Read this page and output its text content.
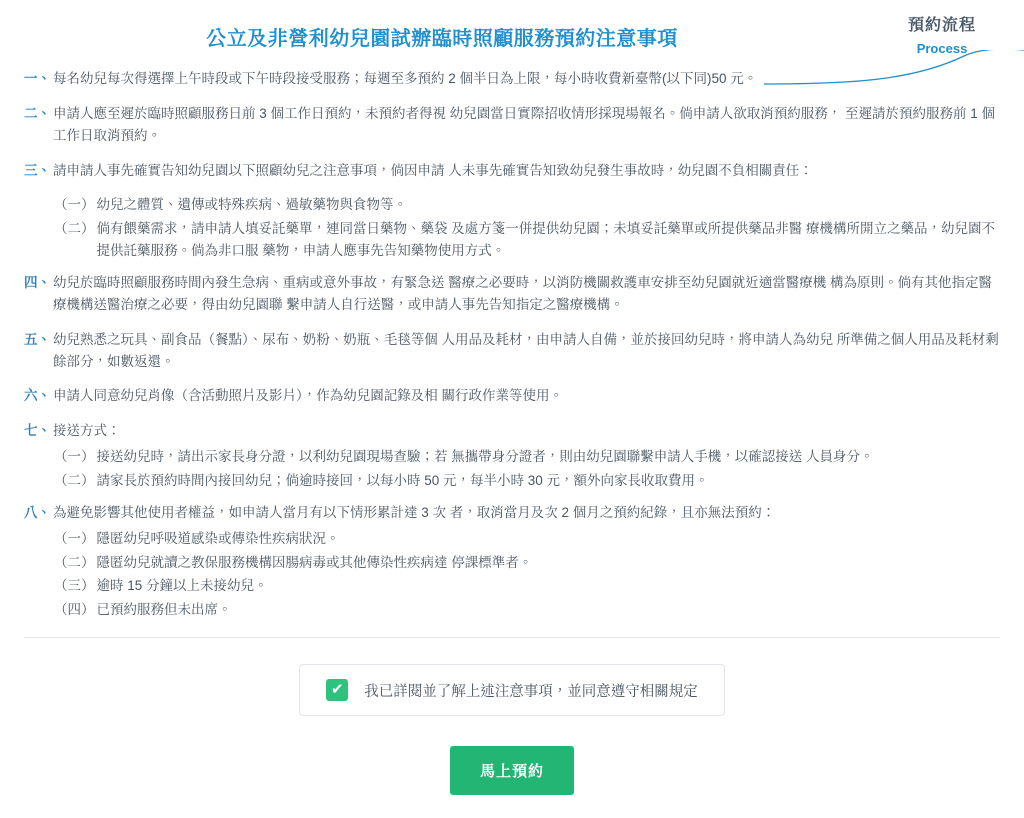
公立及非營利幼兒園試辦臨時照顧服務預約注意事項
預約流程
Process
一、 每名幼兒每次得選擇上午時段或下午時段接受服務；每週至多預約 2 個半日為上限，每小時收費新臺幣(以下同)50 元。
二、 申請人應至遲於臨時照顧服務日前 3 個工作日預約，未預約者得視 幼兒園當日實際招收情形採現場報名。倘申請人欲取消預約服務， 至遲請於預約服務前 1 個工作日取消預約。
三、 請申請人事先確實告知幼兒園以下照顧幼兒之注意事項，倘因申請 人未事先確實告知致幼兒發生事故時，幼兒園不負相關責任：
（一） 幼兒之體質、遺傳或特殊疾病、過敏藥物與食物等。
（二） 倘有餵藥需求，請申請人填妥託藥單，連同當日藥物、藥袋 及處方箋一併提供幼兒園；未填妥託藥單或所提供藥品非醫 療機構所開立之藥品，幼兒園不提供託藥服務。倘為非口服 藥物，申請人應事先告知藥物使用方式。
四、 幼兒於臨時照顧服務時間內發生急病、重病或意外事故，有緊急送 醫療之必要時，以消防機關救護車安排至幼兒園就近適當醫療機 構為原則。倘有其他指定醫療機構送醫治療之必要，得由幼兒園聯 繫申請人自行送醫，或申請人事先告知指定之醫療機構。
五、 幼兒熟悉之玩具、副食品（餐點）、尿布、奶粉、奶瓶、毛毯等個 人用品及耗材，由申請人自備，並於接回幼兒時，將申請人為幼兒 所準備之個人用品及耗材剩餘部分，如數返還。
六、 申請人同意幼兒肖像（含活動照片及影片），作為幼兒園記錄及相 關行政作業等使用。
七、 接送方式：
（一） 接送幼兒時，請出示家長身分證，以利幼兒園現場查驗；若 無攜帶身分證者，則由幼兒園聯繫申請人手機，以確認接送 人員身分。
（二） 請家長於預約時間內接回幼兒；倘逾時接回，以每小時 50 元，每半小時 30 元，額外向家長收取費用。
八、 為避免影響其他使用者權益，如申請人當月有以下情形累計達 3 次 者，取消當月及次 2 個月之預約紀錄，且亦無法預約：
（一） 隱匿幼兒呼吸道感染或傳染性疾病狀況。
（二） 隱匿幼兒就讀之教保服務機構因腸病毒或其他傳染性疾病達 停課標準者。
（三） 逾時 15 分鐘以上未接幼兒。
（四） 已預約服務但未出席。
✔	我已詳閱並了解上述注意事項，並同意遵守相關規定
馬上預約
